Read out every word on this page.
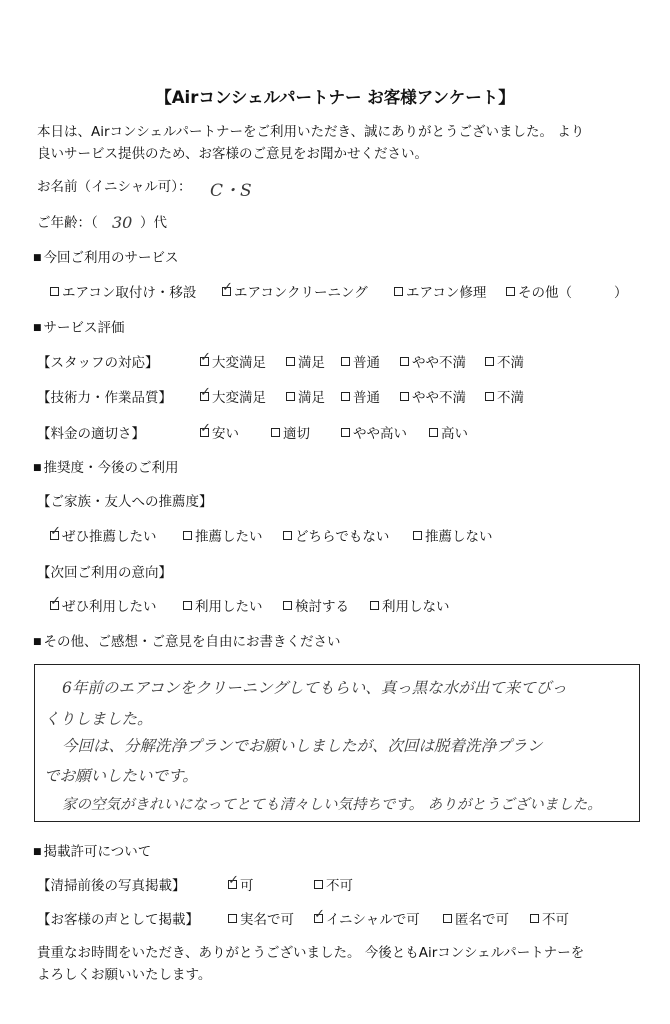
【Airコンシェルパートナー お客様アンケート】
本日は、Airコンシェルパートナーをご利用いただき、誠にありがとうございました。 より
良いサービス提供のため、お客様のご意見をお聞かせください。
お名前（イニシャル可）： C・S
ご年齢：（ 30 ）代
■ 今回ご利用のサービス
エアコン取付け・移設 ✓	エアコンクリーニング	エアコン修理	その他（	）
■ サービス評価
【スタッフの対応】 ✓	大変満足	満足	普通	やや不満	不満
【技術力・作業品質】 ✓	大変満足	満足	普通	やや不満	不満
【料金の適切さ】 ✓	安い	適切	やや高い	高い
■ 推奨度・今後のご利用
【ご家族・友人への推薦度】
✓ぜひ推薦したい	推薦したい	どちらでもない	推薦しない
【次回ご利用の意向】
✓ぜひ利用したい	利用したい	検討する	利用しない
■ その他、ご感想・ご意見を自由にお書きください
6年前のエアコンをクリーニングしてもらい、真っ黒な水が出て来てびっ
くりしました。
今回は、分解洗浄プランでお願いしましたが、次回は脱着洗浄プラン
でお願いしたいです。
家の空気がきれいになってとても清々しい気持ちです。 ありがとうございました。
■ 掲載許可について
【清掃前後の写真掲載】 ✓	可	不可
【お客様の声として掲載】	実名で可 ✓	イニシャルで可	匿名で可	不可
貴重なお時間をいただき、ありがとうございました。 今後ともAirコンシェルパートナーを
よろしくお願いいたします。
